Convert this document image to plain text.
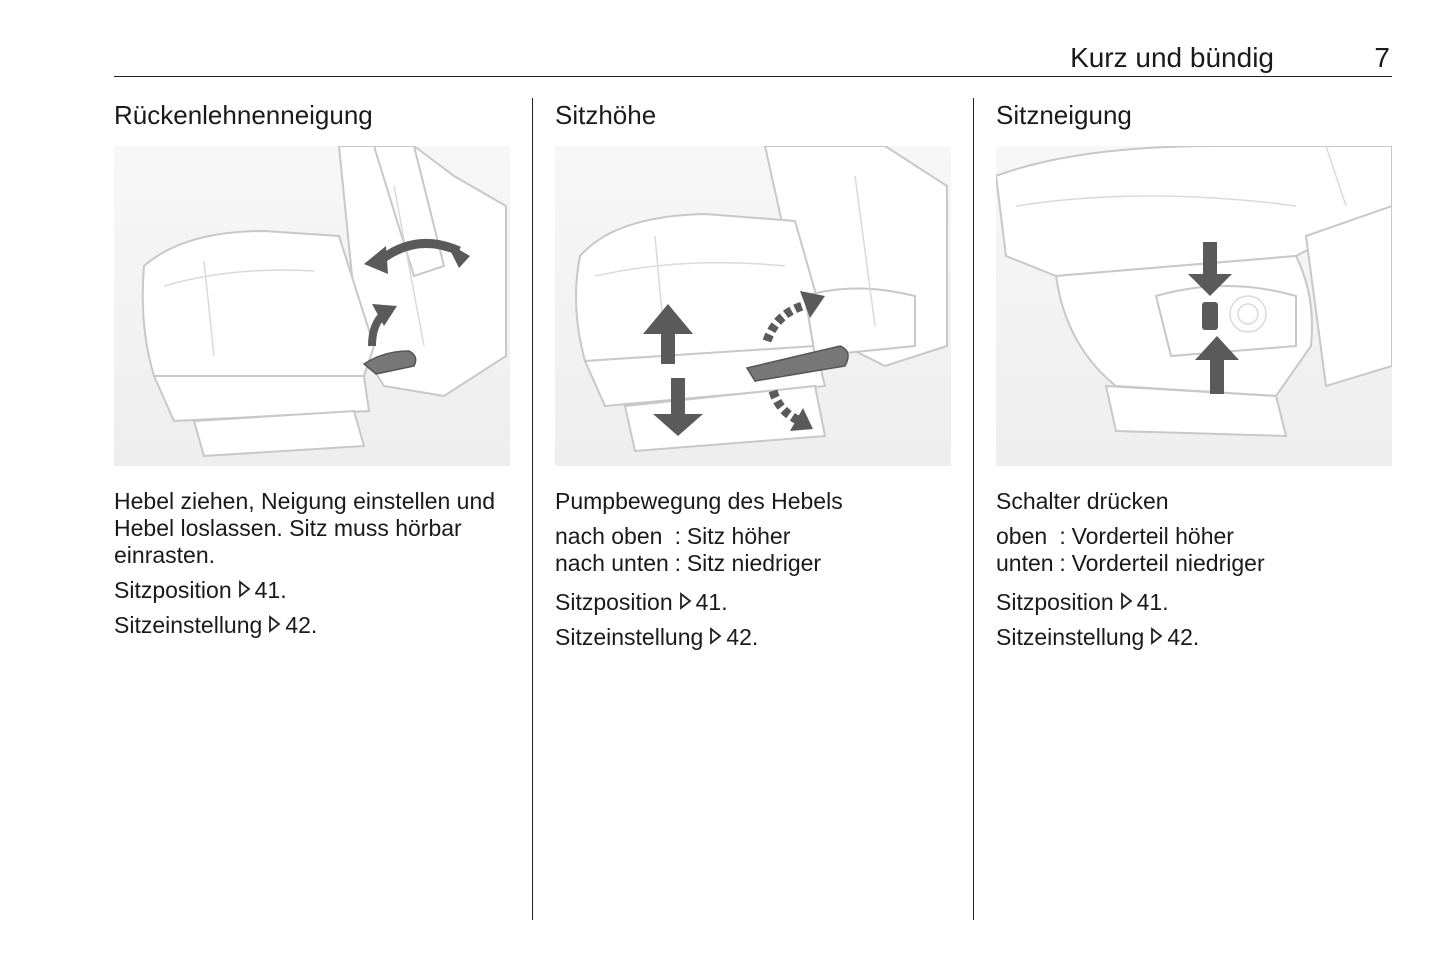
Kurz und bündig	7
Rückenlehnenneigung
Hebel ziehen, Neigung einstellen und Hebel loslassen. Sitz muss hörbar einrasten.
Sitzposition 41.
Sitzeinstellung 42.
Sitzhöhe
Pumpbewegung des Hebels
nach oben : Sitz höher
nach unten : Sitz niedriger
Sitzposition 41.
Sitzeinstellung 42.
Sitzneigung
Schalter drücken
oben : Vorderteil höher
unten : Vorderteil niedriger
Sitzposition 41.
Sitzeinstellung 42.
